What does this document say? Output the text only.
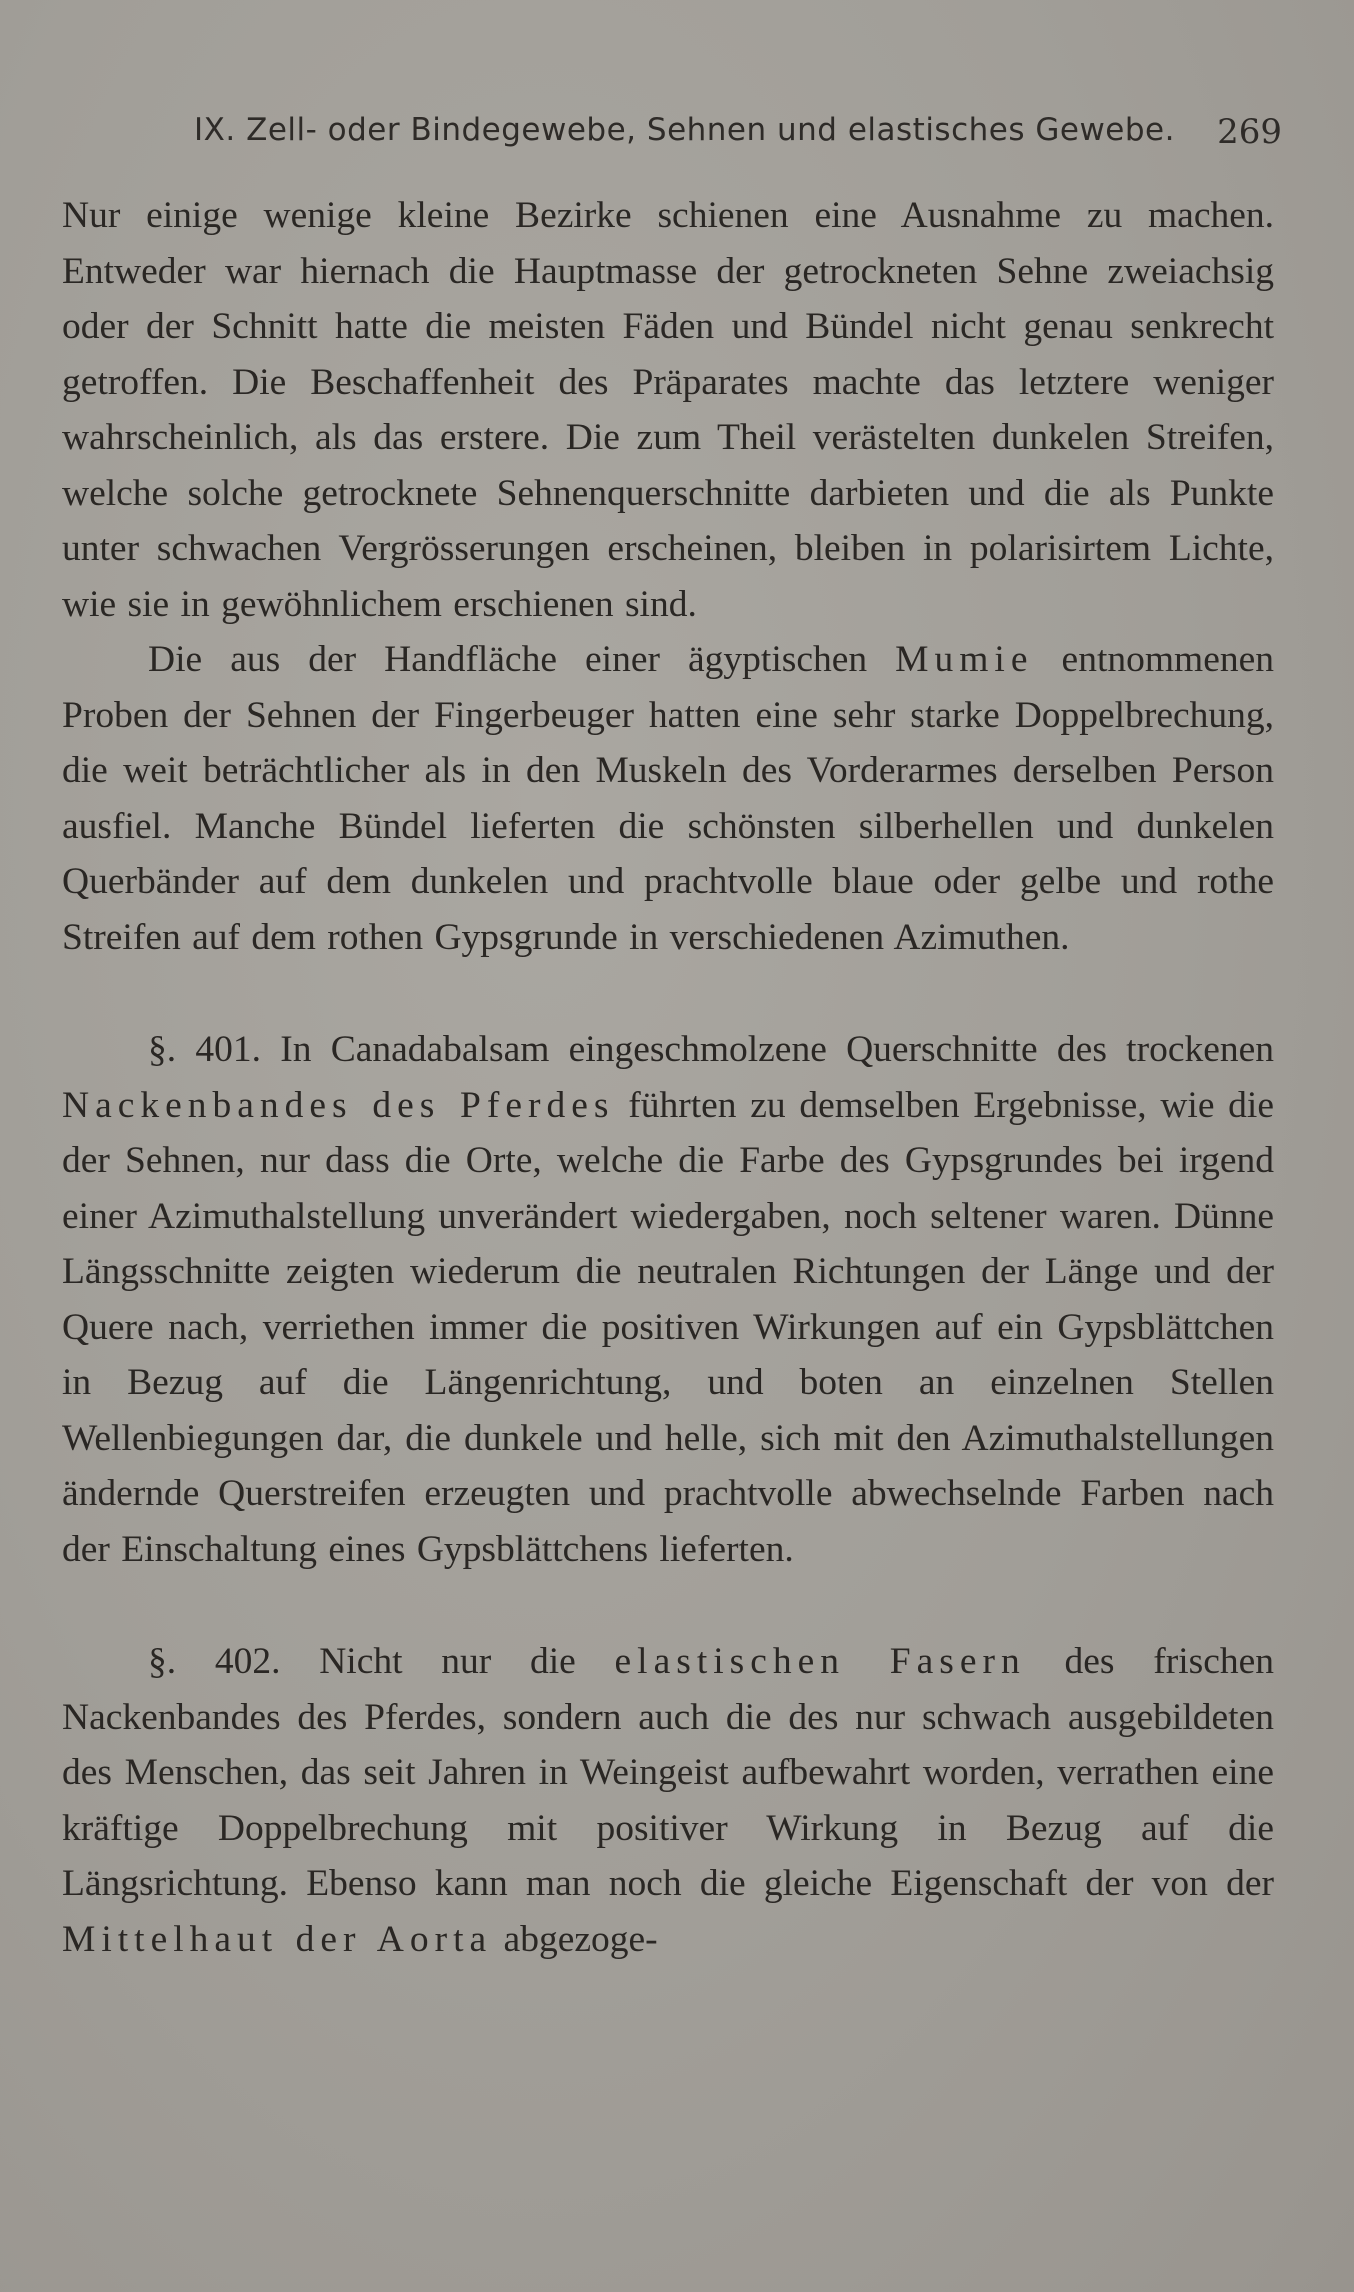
IX. Zell- oder Bindegewebe, Sehnen und elastisches Gewebe. 269

Nur einige wenige kleine Bezirke schienen eine Ausnahme zu machen. Entweder war hiernach die Hauptmasse der getrockneten Sehne zweiachsig oder der Schnitt hatte die meisten Fäden und Bündel nicht genau senkrecht getroffen. Die Beschaffenheit des Präparates machte das letztere weniger wahrscheinlich, als das erstere. Die zum Theil verästelten dunkelen Streifen, welche solche getrocknete Sehnenquerschnitte darbieten und die als Punkte unter schwachen Vergrösserungen erscheinen, bleiben in polarisirtem Lichte, wie sie in gewöhnlichem erschienen sind.

Die aus der Handfläche einer ägyptischen Mumie entnommenen Proben der Sehnen der Fingerbeuger hatten eine sehr starke Doppelbrechung, die weit beträchtlicher als in den Muskeln des Vorderarmes derselben Person ausfiel. Manche Bündel lieferten die schönsten silberhellen und dunkelen Querbänder auf dem dunkelen und prachtvolle blaue oder gelbe und rothe Streifen auf dem rothen Gypsgrunde in verschiedenen Azimuthen.

§. 401. In Canadabalsam eingeschmolzene Querschnitte des trockenen Nackenbandes des Pferdes führten zu demselben Ergebnisse, wie die der Sehnen, nur dass die Orte, welche die Farbe des Gypsgrundes bei irgend einer Azimuthalstellung unverändert wiedergaben, noch seltener waren. Dünne Längsschnitte zeigten wiederum die neutralen Richtungen der Länge und der Quere nach, verriethen immer die positiven Wirkungen auf ein Gypsblättchen in Bezug auf die Längenrichtung, und boten an einzelnen Stellen Wellenbiegungen dar, die dunkele und helle, sich mit den Azimuthalstellungen ändernde Querstreifen erzeugten und prachtvolle abwechselnde Farben nach der Einschaltung eines Gypsblättchens lieferten.

§. 402. Nicht nur die elastischen Fasern des frischen Nackenbandes des Pferdes, sondern auch die des nur schwach ausgebildeten des Menschen, das seit Jahren in Weingeist aufbewahrt worden, verrathen eine kräftige Doppelbrechung mit positiver Wirkung in Bezug auf die Längsrichtung. Ebenso kann man noch die gleiche Eigenschaft der von der Mittelhaut der Aorta abgezoge-
